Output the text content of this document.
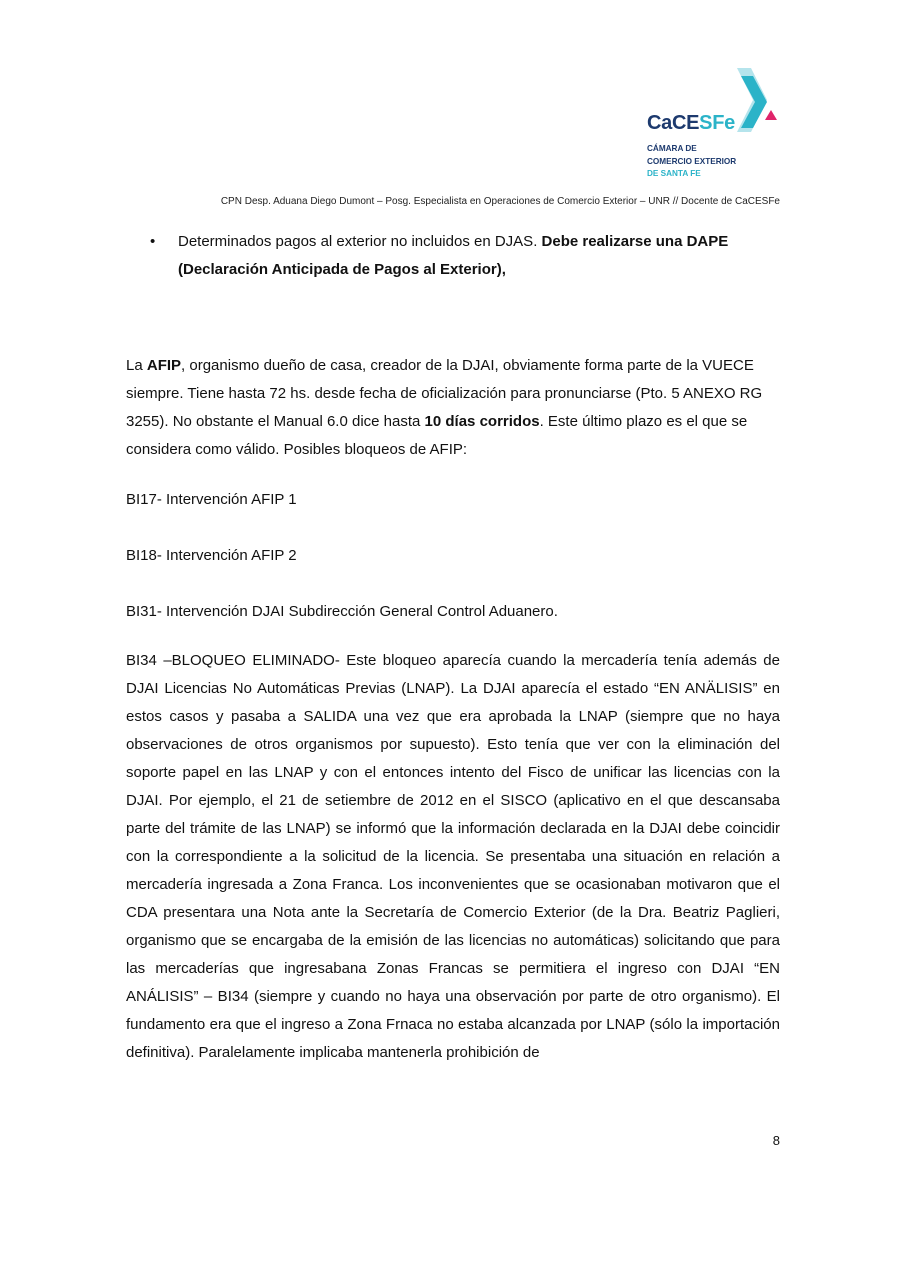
CaCESFe
CÁMARA DE
COMERCIO EXTERIOR
DE SANTA FE
CPN Desp. Aduana Diego Dumont – Posg. Especialista en Operaciones de Comercio Exterior – UNR // Docente de CaCESFe
• Determinados pagos al exterior no incluidos en DJAS. Debe realizarse una DAPE (Declaración Anticipada de Pagos al Exterior),
La AFIP, organismo dueño de casa, creador de la DJAI, obviamente forma parte de la VUECE siempre. Tiene hasta 72 hs. desde fecha de oficialización para pronunciarse (Pto. 5 ANEXO RG 3255). No obstante el Manual 6.0 dice hasta 10 días corridos. Este último plazo es el que se considera como válido. Posibles bloqueos de AFIP:
BI17- Intervención AFIP 1
BI18- Intervención AFIP 2
BI31- Intervención DJAI Subdirección General Control Aduanero.
BI34 –BLOQUEO ELIMINADO- Este bloqueo aparecía cuando la mercadería tenía además de DJAI Licencias No Automáticas Previas (LNAP). La DJAI aparecía el estado “EN ANÄLISIS” en estos casos y pasaba a SALIDA una vez que era aprobada la LNAP (siempre que no haya observaciones de otros organismos por supuesto). Esto tenía que ver con la eliminación del soporte papel en las LNAP y con el entonces intento del Fisco de unificar las licencias con la DJAI. Por ejemplo, el 21 de setiembre de 2012 en el SISCO (aplicativo en el que descansaba parte del trámite de las LNAP) se informó que la información declarada en la DJAI debe coincidir con la correspondiente a la solicitud de la licencia. Se presentaba una situación en relación a mercadería ingresada a Zona Franca. Los inconvenientes que se ocasionaban motivaron que el CDA presentara una Nota ante la Secretaría de Comercio Exterior (de la Dra. Beatriz Paglieri, organismo que se encargaba de la emisión de las licencias no automáticas) solicitando que para las mercaderías que ingresabana Zonas Francas se permitiera el ingreso con DJAI “EN ANÁLISIS” – BI34 (siempre y cuando no haya una observación por parte de otro organismo). El fundamento era que el ingreso a Zona Frnaca no estaba alcanzada por LNAP (sólo la importación definitiva). Paralelamente implicaba mantenerla prohibición de
8
